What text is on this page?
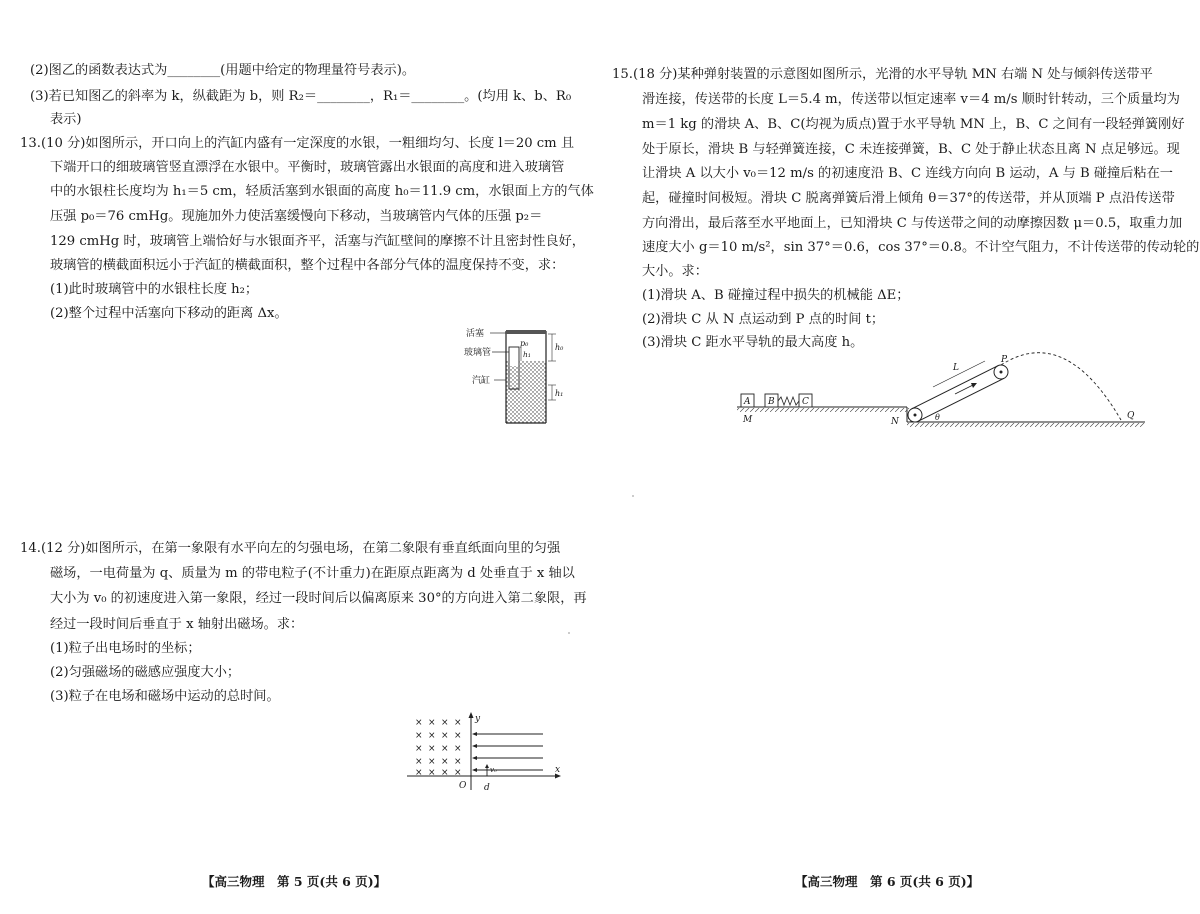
(2)图乙的函数表达式为________(用题中给定的物理量符号表示)。
(3)若已知图乙的斜率为 k，纵截距为 b，则 R₂＝________，R₁＝________。(均用 k、b、R₀
表示)
13.(10 分)如图所示，开口向上的汽缸内盛有一定深度的水银，一粗细均匀、长度 l＝20 cm 且
下端开口的细玻璃管竖直漂浮在水银中。平衡时，玻璃管露出水银面的高度和进入玻璃管
中的水银柱长度均为 h₁＝5 cm，轻质活塞到水银面的高度 h₀＝11.9 cm，水银面上方的气体
压强 p₀＝76 cmHg。现施加外力使活塞缓慢向下移动，当玻璃管内气体的压强 p₂＝
129 cmHg 时，玻璃管上端恰好与水银面齐平，活塞与汽缸壁间的摩擦不计且密封性良好，
玻璃管的横截面积远小于汽缸的横截面积，整个过程中各部分气体的温度保持不变，求：
(1)此时玻璃管中的水银柱长度 h₂；
(2)整个过程中活塞向下移动的距离 Δx。
活塞
玻璃管
汽缸
p₀	h₀
h₁
h₁
14.(12 分)如图所示，在第一象限有水平向左的匀强电场，在第二象限有垂直纸面向里的匀强
磁场，一电荷量为 q、质量为 m 的带电粒子(不计重力)在距原点距离为 d 处垂直于 x 轴以
大小为 v₀ 的初速度进入第一象限，经过一段时间后以偏离原来 30°的方向进入第二象限，再
经过一段时间后垂直于 x 轴射出磁场。求：
(1)粒子出电场时的坐标；
(2)匀强磁场的磁感应强度大小；
(3)粒子在电场和磁场中运动的总时间。
x
y
O d
× × × ×
× × × ×
× × × ×
× × × ×
× × × ×	v₀
【高三物理　第 5 页(共 6 页)】
15.(18 分)某种弹射装置的示意图如图所示，光滑的水平导轨 MN 右端 N 处与倾斜传送带平
滑连接，传送带的长度 L＝5.4 m，传送带以恒定速率 v＝4 m/s 顺时针转动，三个质量均为
m＝1 kg 的滑块 A、B、C(均视为质点)置于水平导轨 MN 上，B、C 之间有一段轻弹簧刚好
处于原长，滑块 B 与轻弹簧连接，C 未连接弹簧，B、C 处于静止状态且离 N 点足够远。现
让滑块 A 以大小 v₀＝12 m/s 的初速度沿 B、C 连线方向向 B 运动，A 与 B 碰撞后粘在一
起，碰撞时间极短。滑块 C 脱离弹簧后滑上倾角 θ＝37°的传送带，并从顶端 P 点沿传送带
方向滑出，最后落至水平地面上，已知滑块 C 与传送带之间的动摩擦因数 μ＝0.5，取重力加
速度大小 g＝10 m/s²，sin 37°＝0.6，cos 37°＝0.8。不计空气阻力，不计传送带的传动轮的
大小。求：
(1)滑块 A、B 碰撞过程中损失的机械能 ΔE；
(2)滑块 C 从 N 点运动到 P 点的时间 t；
(3)滑块 C 距水平导轨的最大高度 h。
A B	C
M	N	θ
L
P
Q
【高三物理　第 6 页(共 6 页)】
